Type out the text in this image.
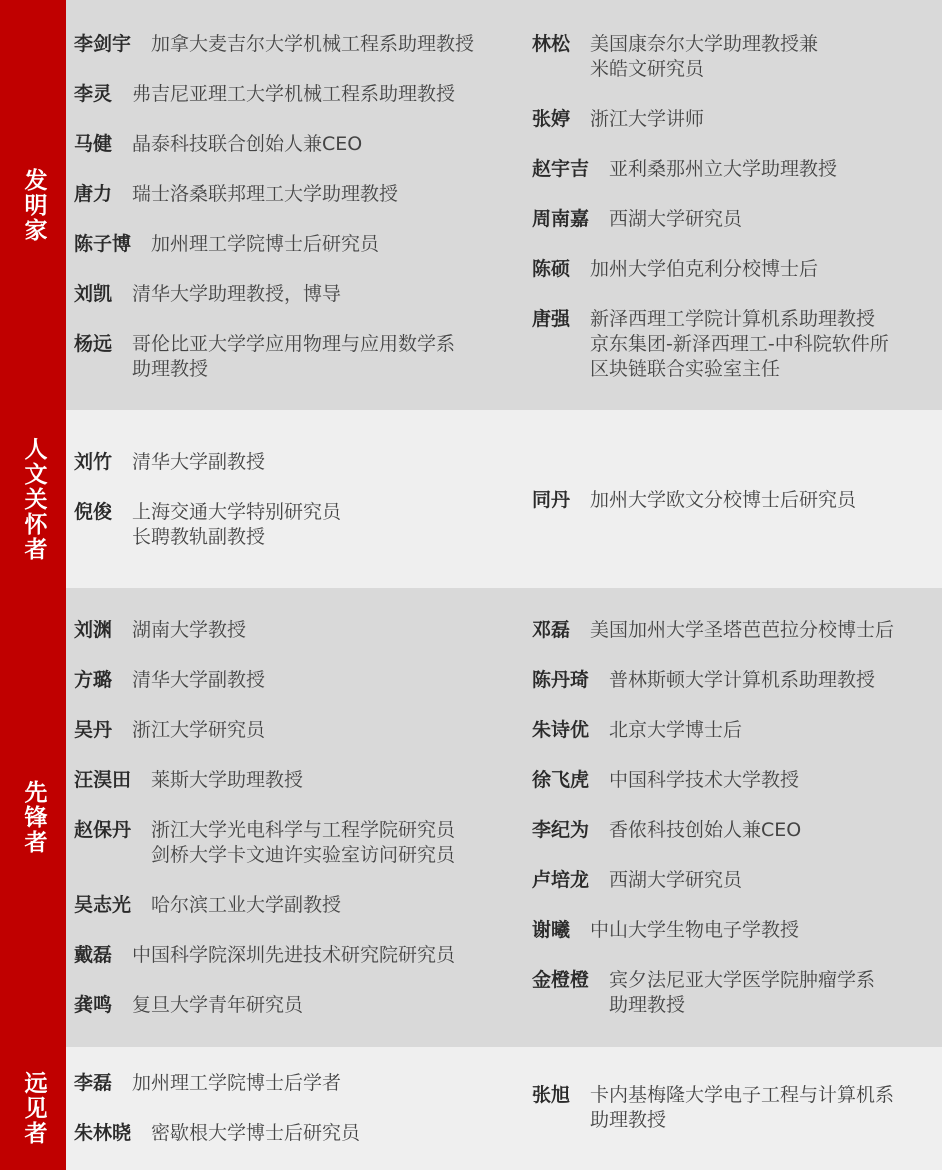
发明家
李剑宇 加拿大麦吉尔大学机械工程系助理教授
李灵 弗吉尼亚理工大学机械工程系助理教授
马健 晶泰科技联合创始人兼CEO
唐力 瑞士洛桑联邦理工大学助理教授
陈子博 加州理工学院博士后研究员
刘凯 清华大学助理教授，博导
杨远 哥伦比亚大学学应用物理与应用数学系
助理教授
林松 美国康奈尔大学助理教授兼
米皓文研究员
张婷 浙江大学讲师
赵宇吉 亚利桑那州立大学助理教授
周南嘉 西湖大学研究员
陈硕 加州大学伯克利分校博士后
唐强 新泽西理工学院计算机系助理教授
京东集团-新泽西理工-中科院软件所
区块链联合实验室主任
人文关怀者 刘竹 清华大学副教授
倪俊 上海交通大学特别研究员
长聘教轨副教授
同丹 加州大学欧文分校博士后研究员
先锋者
刘渊 湖南大学教授
方璐 清华大学副教授
吴丹 浙江大学研究员
汪淏田 莱斯大学助理教授
赵保丹 浙江大学光电科学与工程学院研究员
剑桥大学卡文迪许实验室访问研究员
吴志光 哈尔滨工业大学副教授
戴磊 中国科学院深圳先进技术研究院研究员
龚鸣 复旦大学青年研究员
邓磊 美国加州大学圣塔芭芭拉分校博士后
陈丹琦 普林斯顿大学计算机系助理教授
朱诗优 北京大学博士后
徐飞虎 中国科学技术大学教授
李纪为 香侬科技创始人兼CEO
卢培龙 西湖大学研究员
谢曦 中山大学生物电子学教授
金橙橙 宾夕法尼亚大学医学院肿瘤学系
助理教授
远见者 李磊 加州理工学院博士后学者
朱林晓 密歇根大学博士后研究员
张旭 卡内基梅隆大学电子工程与计算机系
助理教授
